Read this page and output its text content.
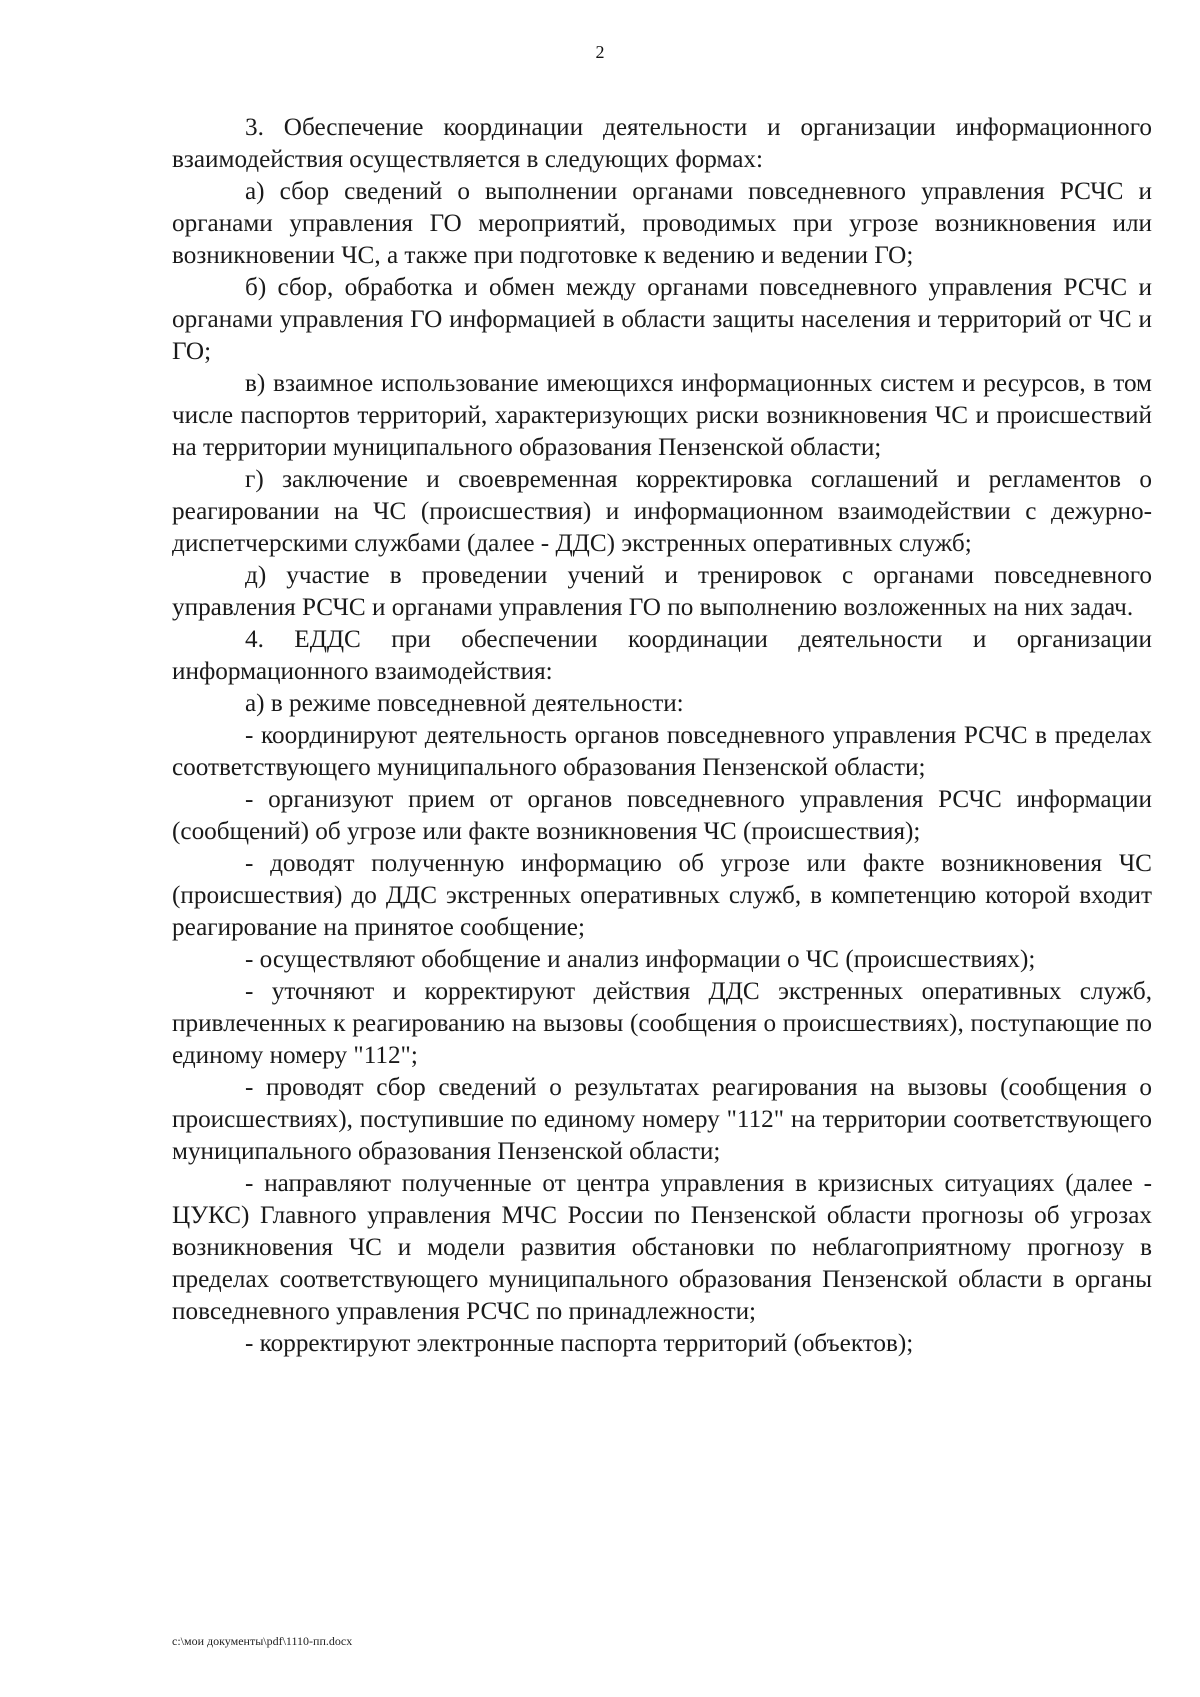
2

3. Обеспечение координации деятельности и организации информационного взаимодействия осуществляется в следующих формах:

а) сбор сведений о выполнении органами повседневного управления РСЧС и органами управления ГО мероприятий, проводимых при угрозе возникновения или возникновении ЧС, а также при подготовке к ведению и ведении ГО;

б) сбор, обработка и обмен между органами повседневного управления РСЧС и органами управления ГО информацией в области защиты населения и территорий от ЧС и ГО;

в) взаимное использование имеющихся информационных систем и ресурсов, в том числе паспортов территорий, характеризующих риски возникновения ЧС и происшествий на территории муниципального образования Пензенской области;

г) заключение и своевременная корректировка соглашений и регламентов о реагировании на ЧС (происшествия) и информационном взаимодействии с дежурно-диспетчерскими службами (далее - ДДС) экстренных оперативных служб;

д) участие в проведении учений и тренировок с органами повседневного управления РСЧС и органами управления ГО по выполнению возложенных на них задач.

4. ЕДДС при обеспечении координации деятельности и организации информационного взаимодействия:

а) в режиме повседневной деятельности:

- координируют деятельность органов повседневного управления РСЧС в пределах соответствующего муниципального образования Пензенской области;

- организуют прием от органов повседневного управления РСЧС информации (сообщений) об угрозе или факте возникновения ЧС (происшествия);

- доводят полученную информацию об угрозе или факте возникновения ЧС (происшествия) до ДДС экстренных оперативных служб, в компетенцию которой входит реагирование на принятое сообщение;

- осуществляют обобщение и анализ информации о ЧС (происшествиях);

- уточняют и корректируют действия ДДС экстренных оперативных служб, привлеченных к реагированию на вызовы (сообщения о происшествиях), поступающие по единому номеру "112";

- проводят сбор сведений о результатах реагирования на вызовы (сообщения о происшествиях), поступившие по единому номеру "112" на территории соответствующего муниципального образования Пензенской области;

- направляют полученные от центра управления в кризисных ситуациях (далее - ЦУКС) Главного управления МЧС России по Пензенской области прогнозы об угрозах возникновения ЧС и модели развития обстановки по неблагоприятному прогнозу в пределах соответствующего муниципального образования Пензенской области в органы повседневного управления РСЧС по принадлежности;

- корректируют электронные паспорта территорий (объектов);

c:\мои документы\pdf\1110-пп.docx
